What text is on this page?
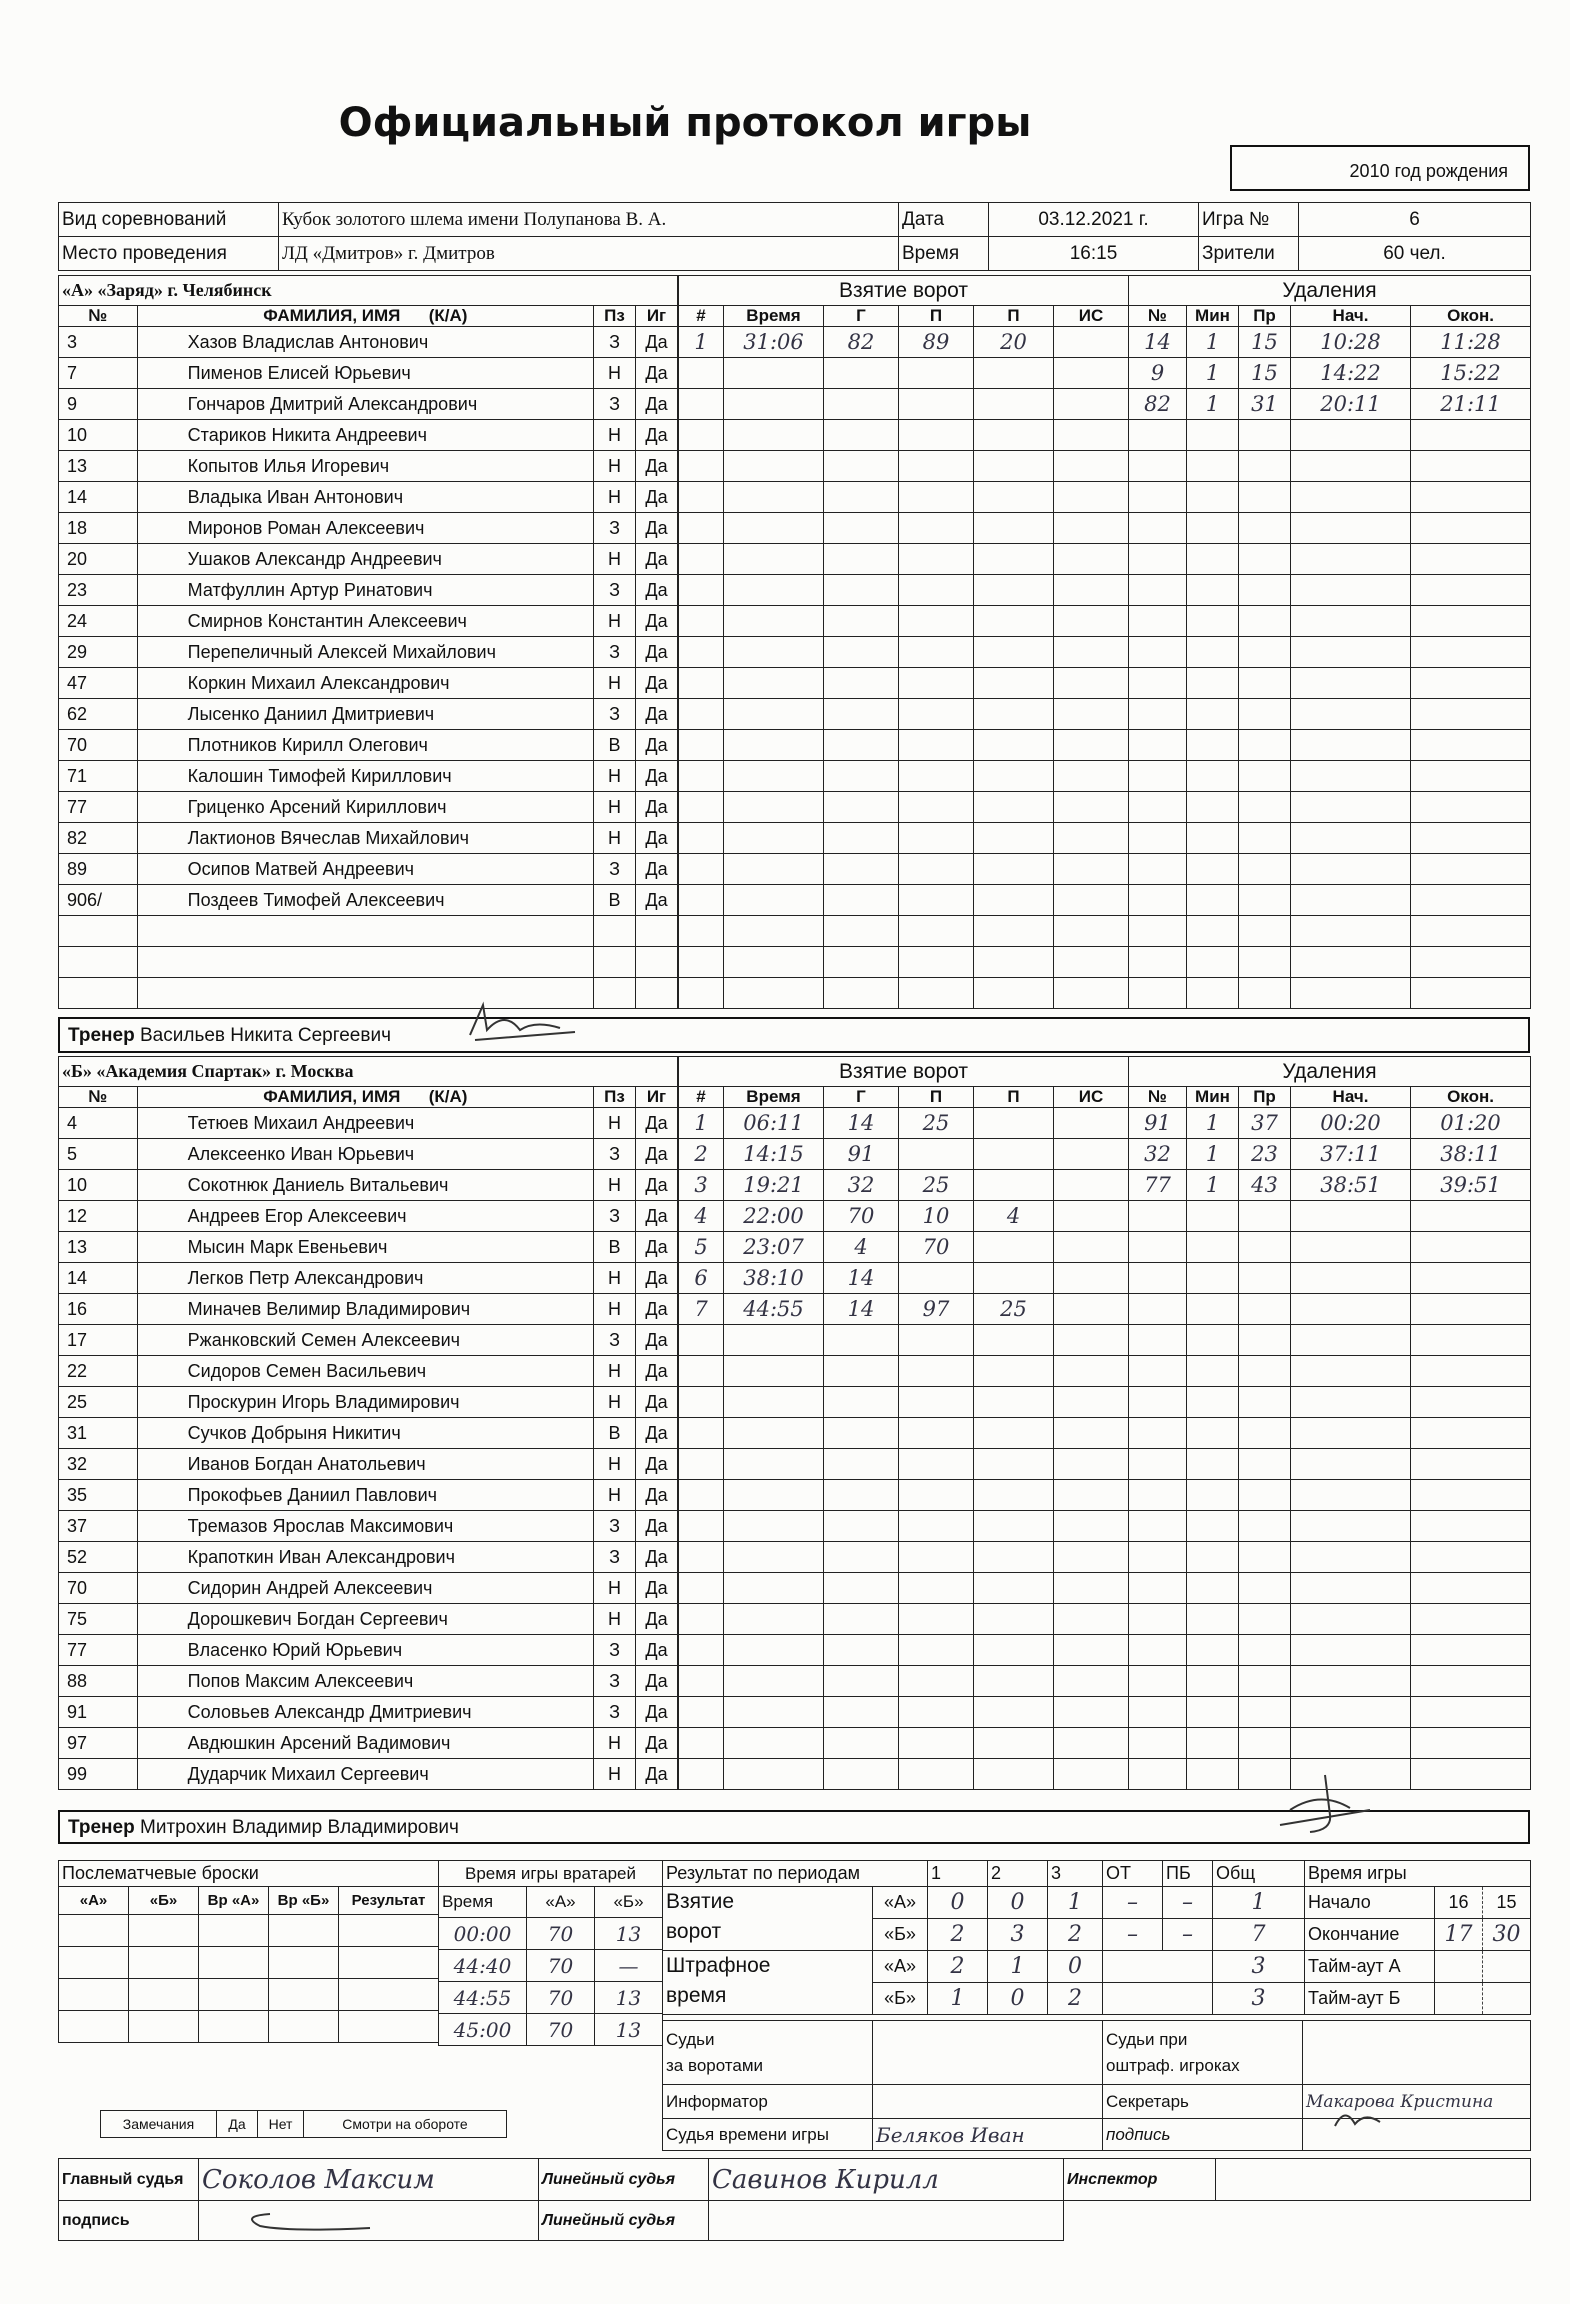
Официальный протокол игры
2010 год рождения
Вид соревнований	Кубок золотого шлема имени Полупанова В. А.	Дата	03.12.2021 г.	Игра №	6
Место проведения	ЛД «Дмитров» г. Дмитров	Время	16:15	Зрители	60 чел.
«А» «Заряд» г. Челябинск			
№	ФАМИЛИЯ, ИМЯ (К/А)	Пз	Иг
3	Хазов Владислав Антонович	З	Да
7	Пименов Елисей Юрьевич	Н	Да
9	Гончаров Дмитрий Александрович	З	Да
10	Стариков Никита Андреевич	Н	Да
13	Копытов Илья Игоревич	Н	Да
14	Владыка Иван Антонович	Н	Да
18	Миронов Роман Алексеевич	З	Да
20	Ушаков Александр Андреевич	Н	Да
23	Матфуллин Артур Ринатович	З	Да
24	Смирнов Константин Алексеевич	Н	Да
29	Перепеличный Алексей Михайлович	З	Да
47	Коркин Михаил Александрович	Н	Да
62	Лысенко Даниил Дмитриевич	З	Да
70	Плотников Кирилл Олегович	В	Да
71	Калошин Тимофей Кириллович	Н	Да
77	Гриценко Арсений Кириллович	Н	Да
82	Лактионов Вячеслав Михайлович	Н	Да
89	Осипов Матвей Андреевич	З	Да
906/	Поздеев Тимофей Алексеевич	В	Да

Взятие ворот					
#	Время	Г	П	П	ИС
1	31:06	82	89	20	

Удаления				
№	Мин	Пр	Нач.	Окон.
14	1	15	10:28	11:28
9	1	15	14:22	15:22
82	1	31	20:11	21:11

Тренер Васильев Никита Сергеевич
«Б» «Академия Спартак» г. Москва			
№	ФАМИЛИЯ, ИМЯ (К/А)	Пз	Иг
4	Тетюев Михаил Андреевич	Н	Да
5	Алексеенко Иван Юрьевич	З	Да
10	Сокотнюк Даниель Витальевич	Н	Да
12	Андреев Егор Алексеевич	З	Да
13	Мысин Марк Евеньевич	В	Да
14	Легков Петр Александрович	Н	Да
16	Миначев Велимир Владимирович	Н	Да
17	Ржанковский Семен Алексеевич	З	Да
22	Сидоров Семен Васильевич	Н	Да
25	Проскурин Игорь Владимирович	Н	Да
31	Сучков Добрыня Никитич	В	Да
32	Иванов Богдан Анатольевич	Н	Да
35	Прокофьев Даниил Павлович	Н	Да
37	Тремазов Ярослав Максимович	З	Да
52	Крапоткин Иван Александрович	З	Да
70	Сидорин Андрей Алексеевич	Н	Да
75	Дорошкевич Богдан Сергеевич	Н	Да
77	Власенко Юрий Юрьевич	З	Да
88	Попов Максим Алексеевич	З	Да
91	Соловьев Александр Дмитриевич	З	Да
97	Авдюшкин Арсений Вадимович	Н	Да
99	Дударчик Михаил Сергеевич	Н	Да
Взятие ворот					
#	Время	Г	П	П	ИС
1	06:11	14	25		
2	14:15	91			
3	19:21	32	25		
4	22:00	70	10	4	
5	23:07	4	70		
6	38:10	14			
7	44:55	14	97	25	

Удаления				
№	Мин	Пр	Нач.	Окон.
91	1	37	00:20	01:20
32	1	23	37:11	38:11
77	1	43	38:51	39:51

Тренер Митрохин Владимир Владимирович
Послематчевые броски				
«А»	«Б»	Вр «А»	Вр «Б»	Результат

Замечания	Да	Нет	Смотри на обороте
Время игры вратарей		
Время	«А»	«Б»
00:00	70	13
44:40	70	—
44:55	70	13
45:00	70	13
Результат по периодам		1	2	3	ОТ	ПБ	Общ
Взятие
ворот	«А»	0	0	1	–	–	1
	«Б»	2	3	2	–	–	7
Штрафное
время	«А»	2	1	0			3
	«Б»	1	0	2			3
Время игры		
Начало	16	15
Окончание	17	30
Тайм-аут А		
Тайм-аут Б		
Судьи
за воротами		Судьи при
оштраф. игроках	
Информатор		Секретарь	Макарова Кристина
Судья времени игры	Беляков Иван	подпись	
Главный судья	Соколов Максим	Линейный судья	Савинов Кирилл	Инспектор	
подпись		Линейный судья			
